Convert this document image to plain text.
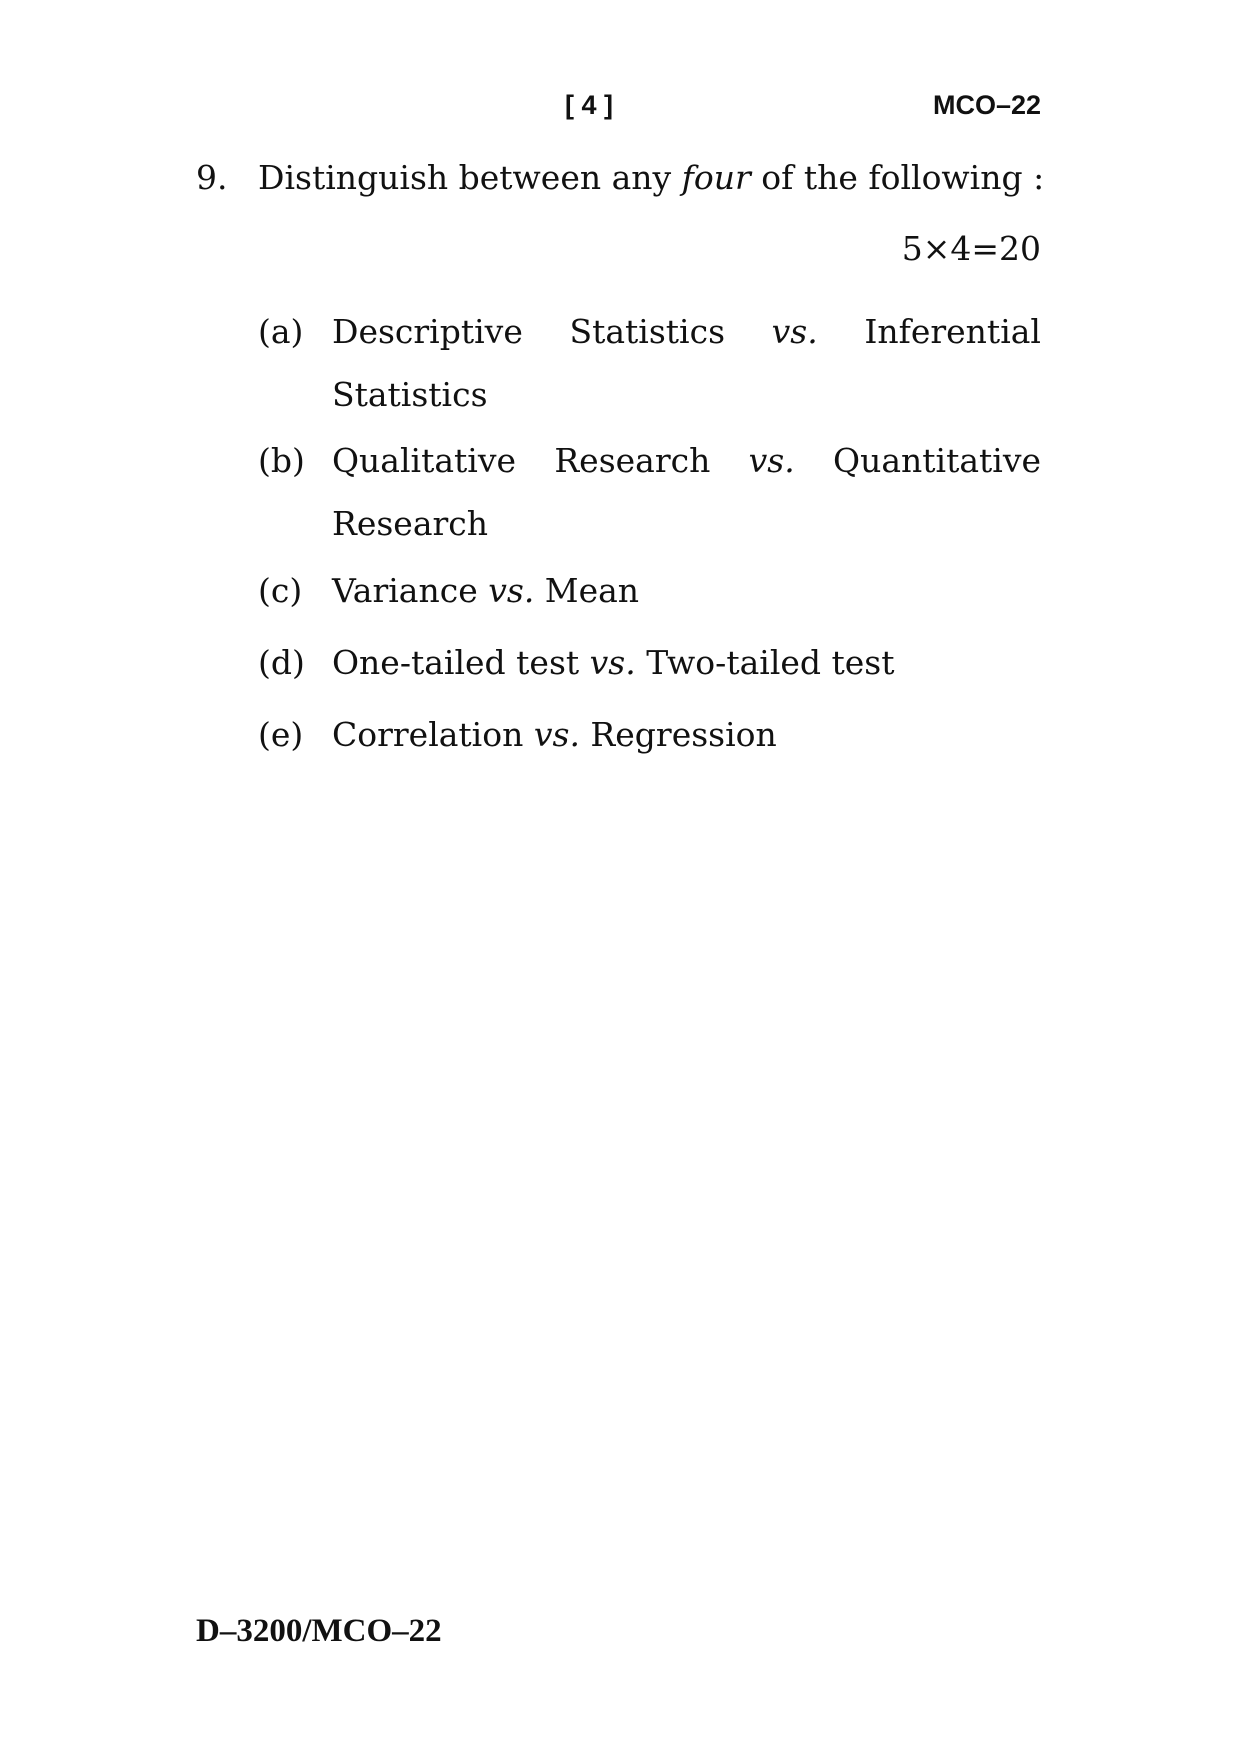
[ 4 ]	MCO–22
9. Distinguish between any four of the following :
5×4=20
(a) Descriptive Statistics vs. Inferential
Statistics
(b) Qualitative Research vs. Quantitative
Research
(c) Variance vs. Mean
(d) One-tailed test vs. Two-tailed test
(e) Correlation vs. Regression
D–3200/MCO–22
